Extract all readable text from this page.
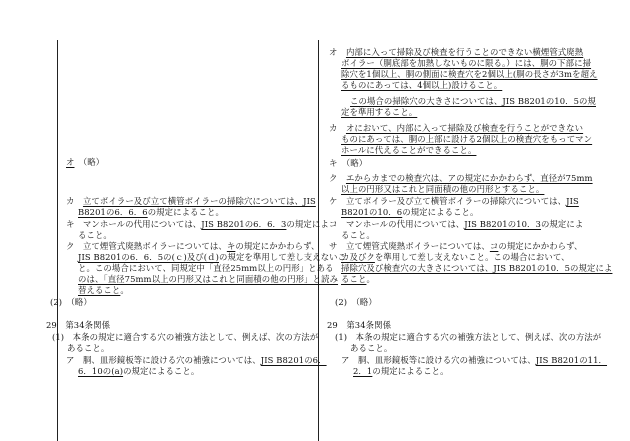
オ　 （略）
カ　立てボイラー及び立て横管ボイラーの掃除穴については、JIS
B8201の6．6．6の規定によること。
キ　マンホールの代用については、JIS B8201の6．6．3の規定によ
ること。
ク　立て煙管式廃熱ボイラーについては、キの規定にかかわらず、
JIS B8201の6．6．5の(ｃ)及び(ｄ)の規定を準用して差し支えないこ
と。この場合において、同規定中「直径25mm以上の円形」とある
のは、「直径75mm以上の円形又はこれと同面積の他の円形」と読み
替えること。
(2)　（略）
29　第34条関係
(1)　本条の規定に適合する穴の補強方法として、例えば、次の方法が
あること。
ア　胴、皿形鏡板等に設ける穴の補強については、JIS B8201の6．
6．10の(a)の規定によること。
オ　内部に入って掃除及び検査を行うことのできない横煙管式廃熱
ボイラー（胴底部を加熱しないものに限る。）には、胴の下部に掃
除穴を1個以上、胴の側面に検査穴を2個以上(胴の長さが3mを超え
るものにあっては、4個以上)設けること。
この場合の掃除穴の大きさについては、JIS B8201の10．5の規
定を準用すること。
カ　オにおいて、内部に入って掃除及び検査を行うことができない
ものにあっては、胴の上部に設ける2個以上の検査穴をもってマン
ホールに代えることができること。
キ　（略）
ク　エからカまでの検査穴は、アの規定にかかわらず、直径が75mm
以上の円形又はこれと同面積の他の円形とすること。
ケ　立てボイラー及び立て横管ボイラーの掃除穴については、JIS
B8201の10．6の規定によること。
コ　マンホールの代用については、JIS B8201の10．3の規定によ
ること。
サ　立て煙管式廃熱ボイラーについては、コの規定にかかわらず、
カ及びクを準用して差し支えないこと。この場合において、
掃除穴及び検査穴の大きさについては、JIS B8201の10．5の規定によ
ること。
(2)　（略）
29　第34条関係
(1)　本条の規定に適合する穴の補強方法として、例えば、次の方法が
あること。
ア　胴、皿形鏡板等に設ける穴の補強については、JIS B8201の11．
2．1の規定によること。
